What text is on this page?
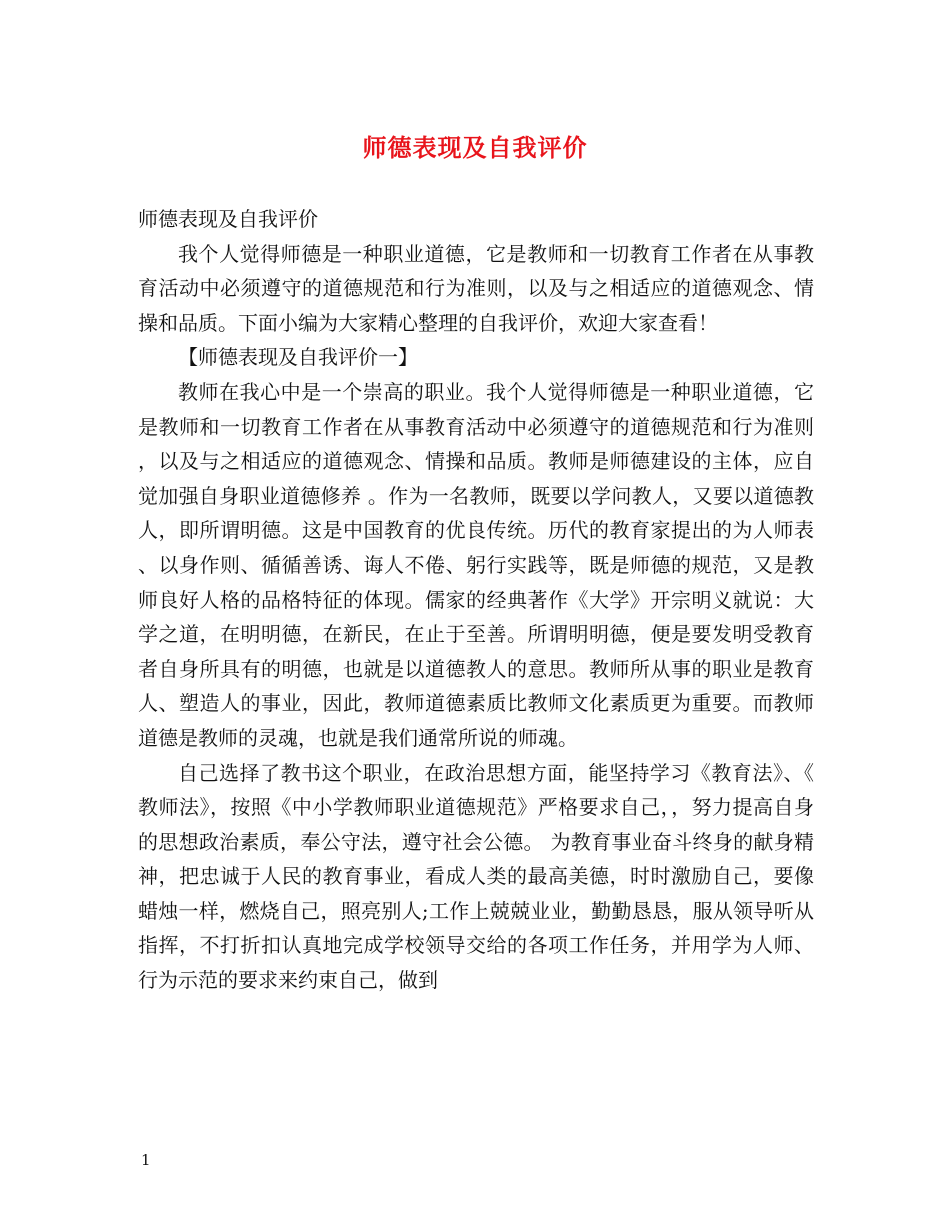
师德表现及自我评价

师德表现及自我评价

我个人觉得师德是一种职业道德，它是教师和一切教育工作者在从事教育活动中必须遵守的道德规范和行为准则，以及与之相适应的道德观念、情操和品质。下面小编为大家精心整理的自我评价，欢迎大家查看！

【师德表现及自我评价一】

教师在我心中是一个崇高的职业。我个人觉得师德是一种职业道德，它是教师和一切教育工作者在从事教育活动中必须遵守的道德规范和行为准则，以及与之相适应的道德观念、情操和品质。教师是师德建设的主体，应自觉加强自身职业道德修养 。作为一名教师，既要以学问教人，又要以道德教人，即所谓明德。这是中国教育的优良传统。历代的教育家提出的为人师表、以身作则、循循善诱、诲人不倦、躬行实践等，既是师德的规范，又是教师良好人格的品格特征的体现。儒家的经典著作《大学》开宗明义就说：大学之道，在明明德，在新民，在止于至善。所谓明明德，便是要发明受教育者自身所具有的明德，也就是以道德教人的意思。教师所从事的职业是教育人、塑造人的事业，因此，教师道德素质比教师文化素质更为重要。而教师道德是教师的灵魂，也就是我们通常所说的师魂。

自己选择了教书这个职业，在政治思想方面，能坚持学习《教育法》、《教师法》，按照《中小学教师职业道德规范》严格要求自己，，努力提高自身的思想政治素质，奉公守法，遵守社会公德。 为教育事业奋斗终身的献身精神，把忠诚于人民的教育事业，看成人类的最高美德，时时激励自己，要像蜡烛一样，燃烧自己，照亮别人;工作上兢兢业业，勤勤恳恳，服从领导听从指挥，不打折扣认真地完成学校领导交给的各项工作任务，并用学为人师、行为示范的要求来约束自己，做到

1
